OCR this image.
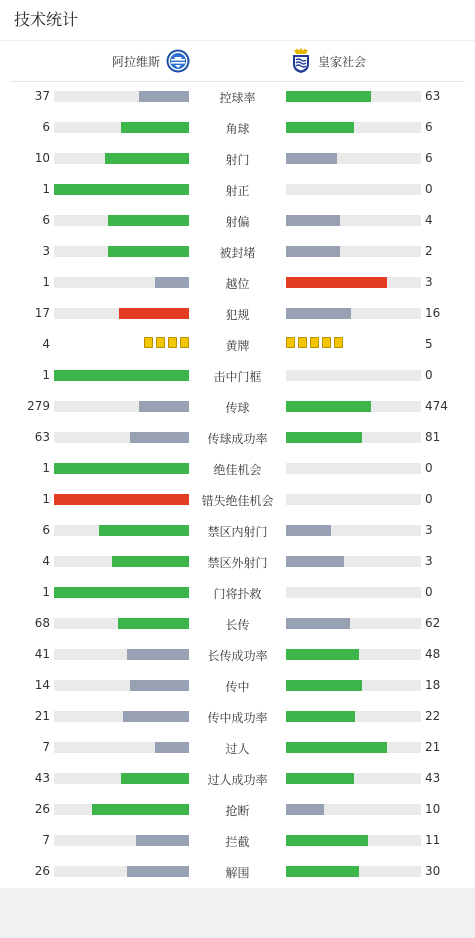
技术统计
阿拉维斯	皇家社会
37	控球率	63
6	角球	6
10	射门	6
1	射正	0
6	射偏	4
3	被封堵	2
1	越位	3
17	犯规	16
4	黄牌	5
1	击中门框	0
279	传球	474
63	传球成功率	81
1	绝佳机会	0
1	错失绝佳机会	0
6	禁区内射门	3
4	禁区外射门	3
1	门将扑救	0
68	长传	62
41	长传成功率	48
14	传中	18
21	传中成功率	22
7	过人	21
43	过人成功率	43
26	抢断	10
7	拦截	11
26	解围	30
